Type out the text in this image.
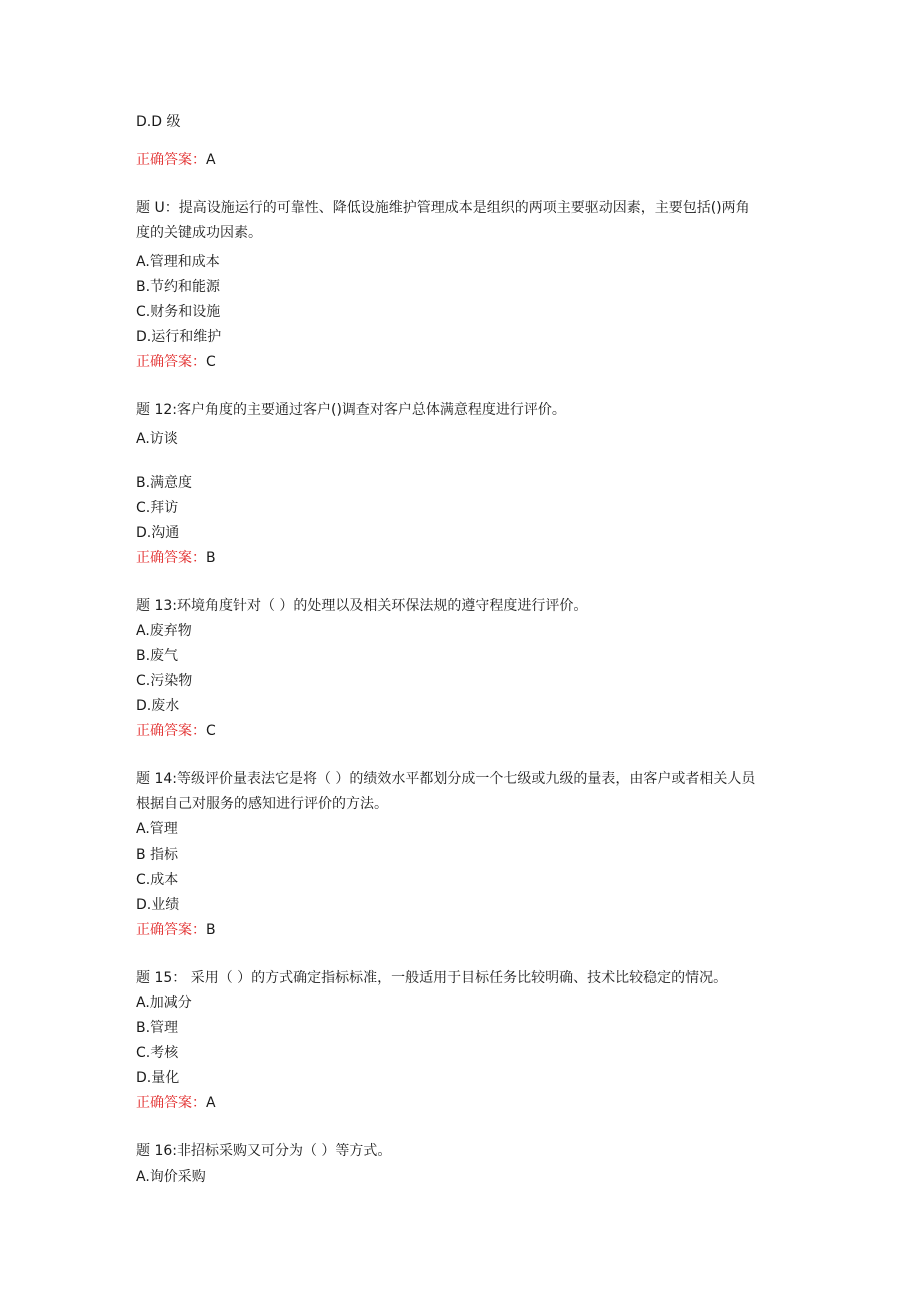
D.D 级
正确答案：A
题 U：提高设施运行的可靠性、降低设施维护管理成本是组织的两项主要驱动因素，主要包括()两角
度的关键成功因素。
A.管理和成本
B.节约和能源
C.财务和设施
D.运行和维护
正确答案：C
题 12:客户角度的主要通过客户()调查对客户总体满意程度进行评价。
A.访谈
B.满意度
C.拜访
D.沟通
正确答案：B
题 13:环境角度针对（ ）的处理以及相关环保法规的遵守程度进行评价。
A.废弃物
B.废气
C.污染物
D.废水
正确答案：C
题 14:等级评价量表法它是将（ ）的绩效水平都划分成一个七级或九级的量表，由客户或者相关人员
根据自己对服务的感知进行评价的方法。
A.管理
B 指标
C.成本
D.业绩
正确答案：B
题 15： 采用（ ）的方式确定指标标准，一般适用于目标任务比较明确、技术比较稳定的情况。
A.加减分
B.管理
C.考核
D.量化
正确答案：A
题 16:非招标采购又可分为（ ）等方式。
A.询价采购
